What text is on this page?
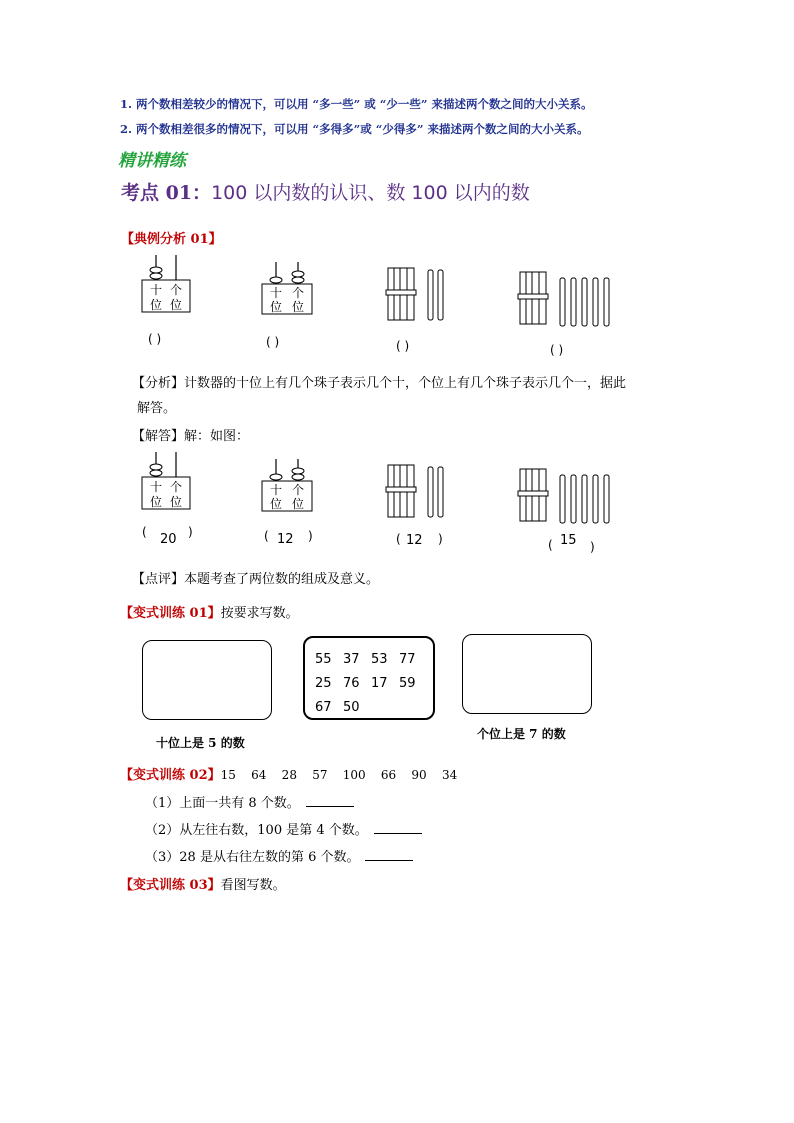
1. 两个数相差较少的情况下，可以用 “多一些” 或 “少一些” 来描述两个数之间的大小关系。
2. 两个数相差很多的情况下，可以用 “多得多”或 “少得多” 来描述两个数之间的大小关系。
精讲精练
考点 01：100 以内数的认识、数 100 以内的数
【典例分析 01】
十 个
位 位
( )
十 个
位 位
( )	( )	( )
【分析】计数器的十位上有几个珠子表示几个十，个位上有几个珠子表示几个一，据此
解答。
【解答】解：如图：
十 个
位 位
(	)
20
十 个
位 位
(	)
12	(	)
12	(	)
15
【点评】本题考查了两位数的组成及意义。
【变式训练 01】按要求写数。
55 37 53 77
25 76 17 59
67 50
十位上是 5 的数
个位上是 7 的数
【变式训练 02】15    64    28    57    100    66    90    34
（1）上面一共有 8 个数。
（2）从左往右数，100 是第 4 个数。
（3）28 是从右往左数的第 6 个数。
【变式训练 03】看图写数。
